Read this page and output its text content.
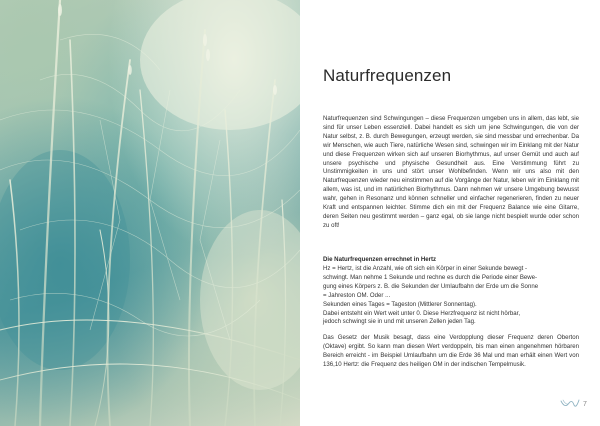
Naturfrequenzen

Naturfrequenzen sind Schwingungen – diese Frequenzen umgeben uns in allem, das lebt, sie sind für unser Leben essenziell. Dabei handelt es sich um jene Schwingungen, die von der Natur selbst, z. B. durch Bewegungen, erzeugt werden, sie sind messbar und errechenbar. Da wir Menschen, wie auch Tiere, natürliche Wesen sind, schwingen wir im Einklang mit der Natur und diese Frequenzen wirken sich auf unseren Biorhythmus, auf unser Gemüt und auch auf unsere psychische und physische Gesundheit aus. Eine Verstimmung führt zu Unstimmigkeiten in uns und stört unser Wohlbefinden. Wenn wir uns also mit den Naturfrequenzen wieder neu einstimmen auf die Vorgänge der Natur, leben wir im Einklang mit allem, was ist, und im natürlichen Biorhythmus. Dann nehmen wir unsere Umgebung bewusst wahr, gehen in Resonanz und können schneller und einfacher regenerieren, finden zu neuer Kraft und entspannen leichter. Stimme dich ein mit der Frequenz Balance wie eine Gitarre, deren Seiten neu gestimmt werden – ganz egal, ob sie lange nicht bespielt wurde oder schon zu oft!

Die Naturfrequenzen errechnet in Hertz
Hz = Hertz, ist die Anzahl, wie oft sich ein Körper in einer Sekunde bewegt -
schwingt. Man nehme 1 Sekunde und rechne es durch die Periode einer Bewe-
gung eines Körpers z. B. die Sekunden der Umlaufbahn der Erde um die Sonne
= Jahreston OM. Oder ...
Sekunden eines Tages = Tageston (Mittlerer Sonnentag).
Dabei entsteht ein Wert weit unter 0. Diese Herzfrequenz ist nicht hörbar,
jedoch schwingt sie in und mit unseren Zellen jeden Tag.

Das Gesetz der Musik besagt, dass eine Verdopplung dieser Frequenz deren Oberton (Oktave) ergibt. So kann man diesen Wert verdoppeln, bis man einen angenehmen hörbaren Bereich erreicht - im Beispiel Umlaufbahn um die Erde 36 Mal und man erhält einen Wert von 136,10 Hertz: die Frequenz des heiligen OM in der indischen Tempelmusik.

7
